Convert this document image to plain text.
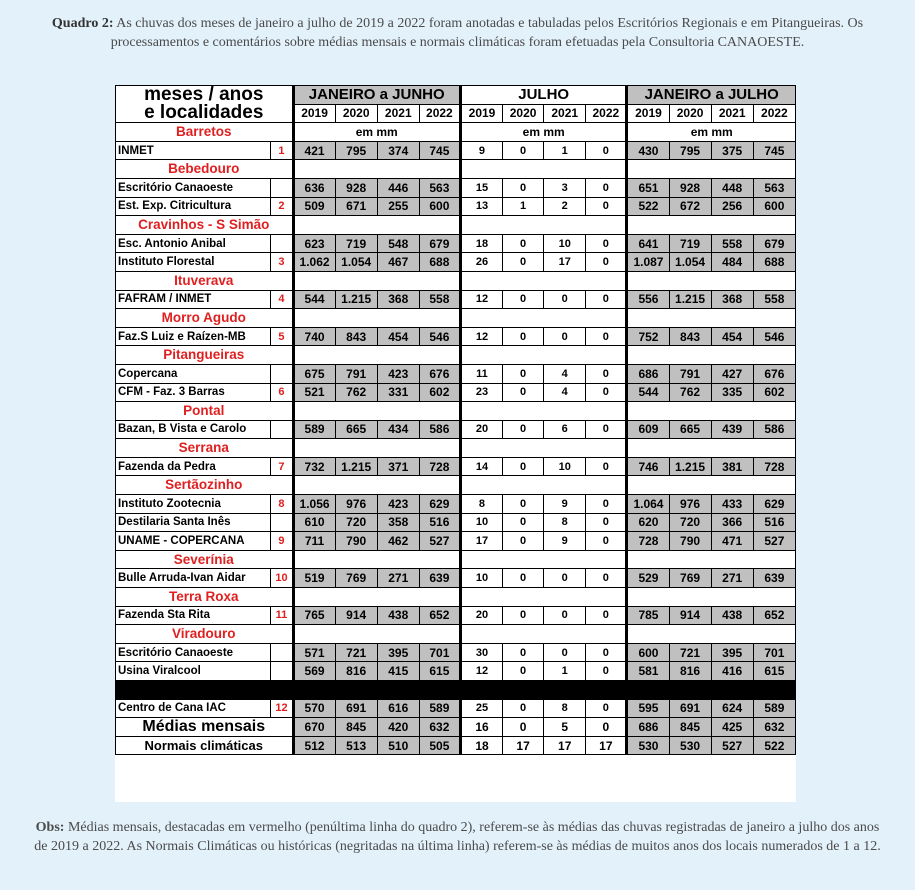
Quadro 2: As chuvas dos meses de janeiro a julho de 2019 a 2022 foram anotadas e tabuladas pelos Escritórios Regionais e em Pitangueiras. Os processamentos e comentários sobre médias mensais e normais climáticas foram efetuadas pela Consultoria CANAOESTE.
meses / anos		JANEIRO a JUNHO				JULHO				JANEIRO a JULHO			
e localidades		2019	2020	2021	2022	2019	2020	2021	2022	2019	2020	2021	2022
Barretos		em mm				em mm				em mm			
INMET	1	421	795	374	745	9	0	1	0	430	795	375	745
Bebedouro													
Escritório Canaoeste		636	928	446	563	15	0	3	0	651	928	448	563
Est. Exp. Citricultura	2	509	671	255	600	13	1	2	0	522	672	256	600
Cravinhos - S Simão													
Esc. Antonio Anibal		623	719	548	679	18	0	10	0	641	719	558	679
Instituto Florestal	3	1.062	1.054	467	688	26	0	17	0	1.087	1.054	484	688
Ituverava													
FAFRAM / INMET	4	544	1.215	368	558	12	0	0	0	556	1.215	368	558
Morro Agudo													
Faz.S Luiz e Raízen-MB	5	740	843	454	546	12	0	0	0	752	843	454	546
Pitangueiras													
Copercana		675	791	423	676	11	0	4	0	686	791	427	676
CFM - Faz. 3 Barras	6	521	762	331	602	23	0	4	0	544	762	335	602
Pontal													
Bazan, B Vista e Carolo		589	665	434	586	20	0	6	0	609	665	439	586
Serrana													
Fazenda da Pedra	7	732	1.215	371	728	14	0	10	0	746	1.215	381	728
Sertãozinho													
Instituto Zootecnia	8	1.056	976	423	629	8	0	9	0	1.064	976	433	629
Destilaria Santa Inês		610	720	358	516	10	0	8	0	620	720	366	516
UNAME - COPERCANA	9	711	790	462	527	17	0	9	0	728	790	471	527
Severínia													
Bulle Arruda-Ivan Aidar	10	519	769	271	639	10	0	0	0	529	769	271	639
Terra Roxa													
Fazenda Sta Rita	11	765	914	438	652	20	0	0	0	785	914	438	652
Viradouro													
Escritório Canaoeste		571	721	395	701	30	0	0	0	600	721	395	701
Usina Viralcool		569	816	415	615	12	0	1	0	581	816	416	615

Centro de Cana IAC	12	570	691	616	589	25	0	8	0	595	691	624	589
Médias mensais		670	845	420	632	16	0	5	0	686	845	425	632
Normais climáticas		512	513	510	505	18	17	17	17	530	530	527	522
Obs: Médias mensais, destacadas em vermelho (penúltima linha do quadro 2), referem-se às médias das chuvas registradas de janeiro a julho dos anos de 2019 a 2022. As Normais Climáticas ou históricas (negritadas na última linha) referem-se às médias de muitos anos dos locais numerados de 1 a 12.
